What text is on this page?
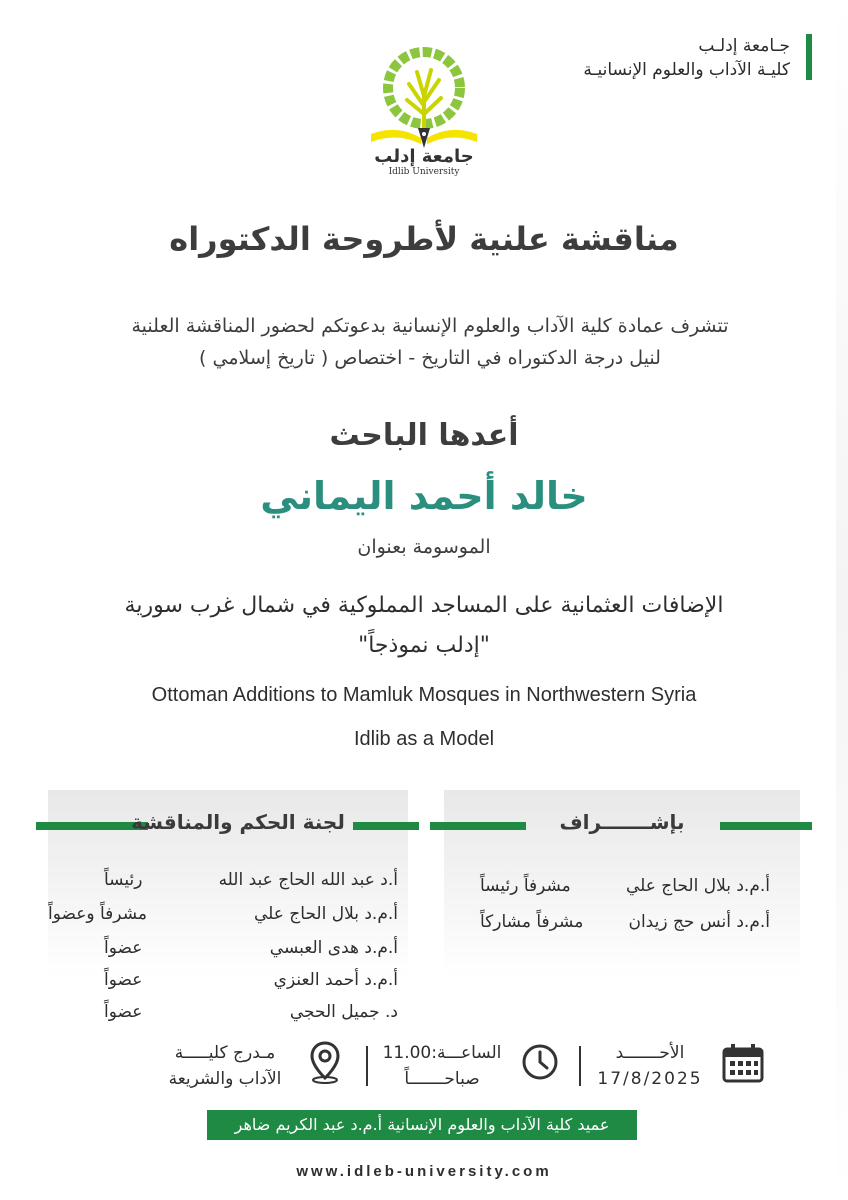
جـامعة إدلـب
كليـة الآداب والعلوم الإنسانيـة
جامعة إدلب
Idlib University
مناقشة علنية لأطروحة الدكتوراه
تتشرف عمادة كلية الآداب والعلوم الإنسانية بدعوتكم لحضور المناقشة العلنية
لنيل درجة الدكتوراه في التاريخ - اختصاص ( تاريخ إسلامي )
أعدها الباحث
خالد أحمد اليماني
الموسومة بعنوان
الإضافات العثمانية على المساجد المملوكية في شمال غرب سورية
"إدلب نموذجاً"
Ottoman Additions to Mamluk Mosques in Northwestern Syria
Idlib as a Model
لجنة الحكم والمناقشة
أ.د عبد الله الحاج عبد الله
رئيساً
أ.م.د بلال الحاج علي
مشرفاً وعضواً
أ.م.د هدى العبسي
عضواً
أ.م.د أحمد العنزي
عضواً
د. جميل الحجي
عضواً
بإشـــــــراف
أ.م.د بلال الحاج علي
مشرفاً رئيساً
أ.م.د أنس حج زيدان
مشرفاً مشاركاً
الأحـــــــد
17/8/2025
الساعـــة:11.00
صباحـــــــاً
مـدرج كليـــــة
الآداب والشريعة
عميد كلية الآداب والعلوم الإنسانية أ.م.د عبد الكريم ضاهر
www.idleb-university.com
